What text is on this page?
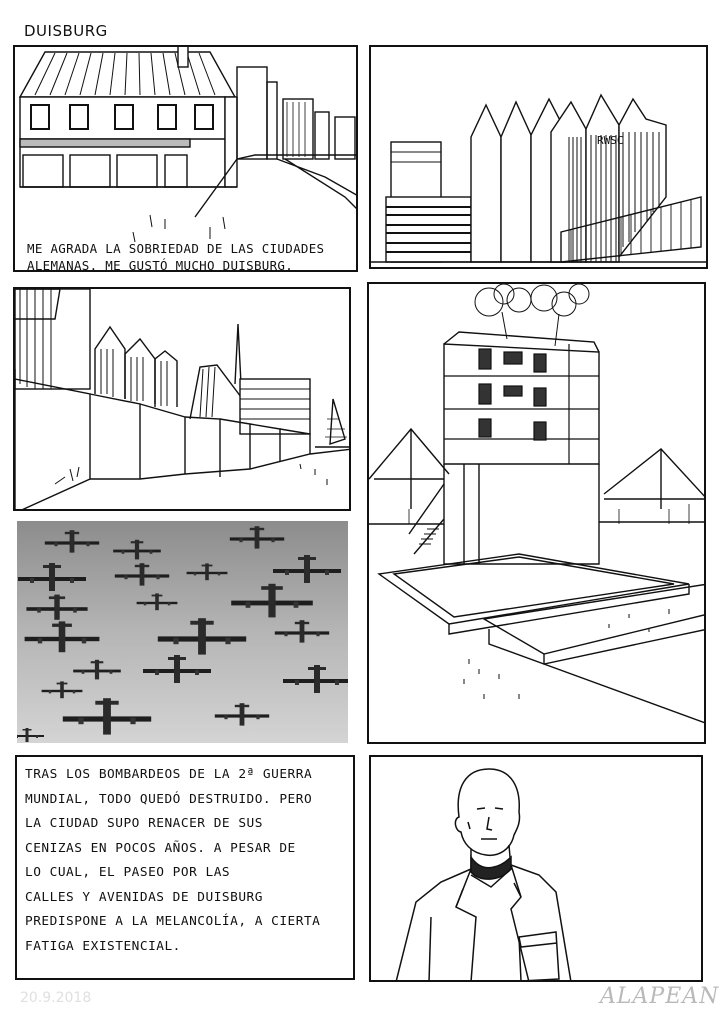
DUISBURG
ME AGRADA LA SOBRIEDAD DE LAS CIUDADES
ALEMANAS. ME GUSTÓ MUCHO DUISBURG.
RWSC
TRAS LOS BOMBARDEOS DE LA 2ª GUERRA
MUNDIAL, TODO QUEDÓ DESTRUIDO. PERO
LA CIUDAD SUPO RENACER DE SUS
CENIZAS EN POCOS AÑOS. A PESAR DE
LO CUAL, EL PASEO POR LAS
CALLES Y AVENIDAS DE DUISBURG
PREDISPONE A LA MELANCOLÍA, A CIERTA
FATIGA EXISTENCIAL.
20.9.2018	ALAPEAN
